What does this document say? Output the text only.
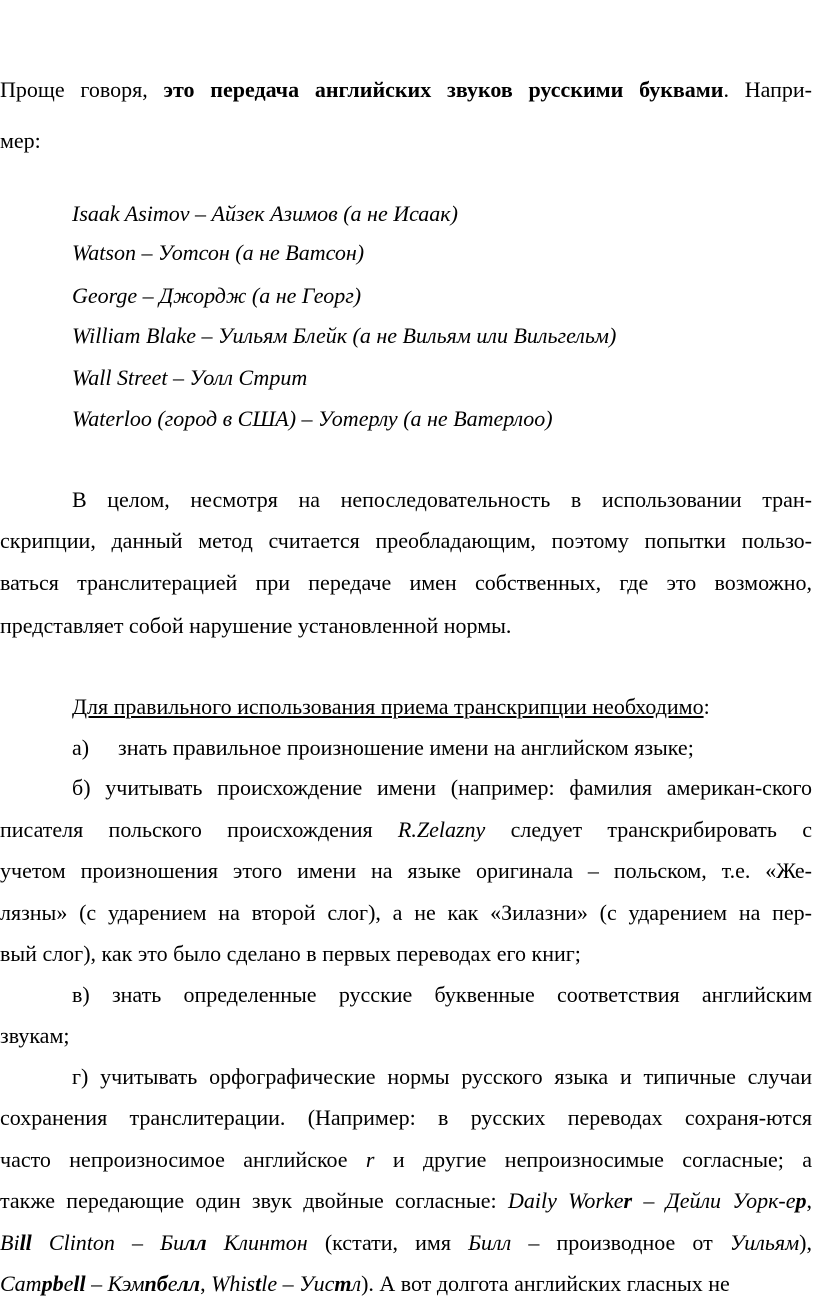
Проще говоря, это передача английских звуков русскими буквами. Напри-
мер:
Isaak Asimov – Айзек Азимов (а не Исаак)
Watson – Уотсон (а не Ватсон)
George – Джордж (а не Георг)
William Blake – Уильям Блейк (а не Вильям или Вильгельм)
Wall Street – Уолл Стрит
Waterloo (город в США) – Уотерлу (а не Ватерлоо)
В целом, несмотря на непоследовательность в использовании тран-
скрипции, данный метод считается преобладающим, поэтому попытки пользо-
ваться транслитерацией при передаче имен собственных, где это возможно,
представляет собой нарушение установленной нормы.
Для правильного использования приема транскрипции необходимо:
а) знать правильное произношение имени на английском языке;
б) учитывать происхождение имени (например: фамилия американ-ского
писателя польского происхождения R.Zelazny следует транскрибировать с
учетом произношения этого имени на языке оригинала – польском, т.е. «Же-
лязны» (с ударением на второй слог), а не как «Зилазни» (с ударением на пер-
вый слог), как это было сделано в первых переводах его книг;
в) знать определенные русские буквенные соответствия английским
звукам;
г) учитывать орфографические нормы русского языка и типичные случаи
сохранения транслитерации. (Например: в русских переводах сохраня-ются
часто непроизносимое английское r и другие непроизносимые согласные; а
также передающие один звук двойные согласные: Daily Worker – Дейли Уорк-ер,
Bill Clinton – Билл Клинтон (кстати, имя Билл – производное от Уильям),
Campbell – Кэмпбелл, Whistle – Уистл). А вот долгота английских гласных не
